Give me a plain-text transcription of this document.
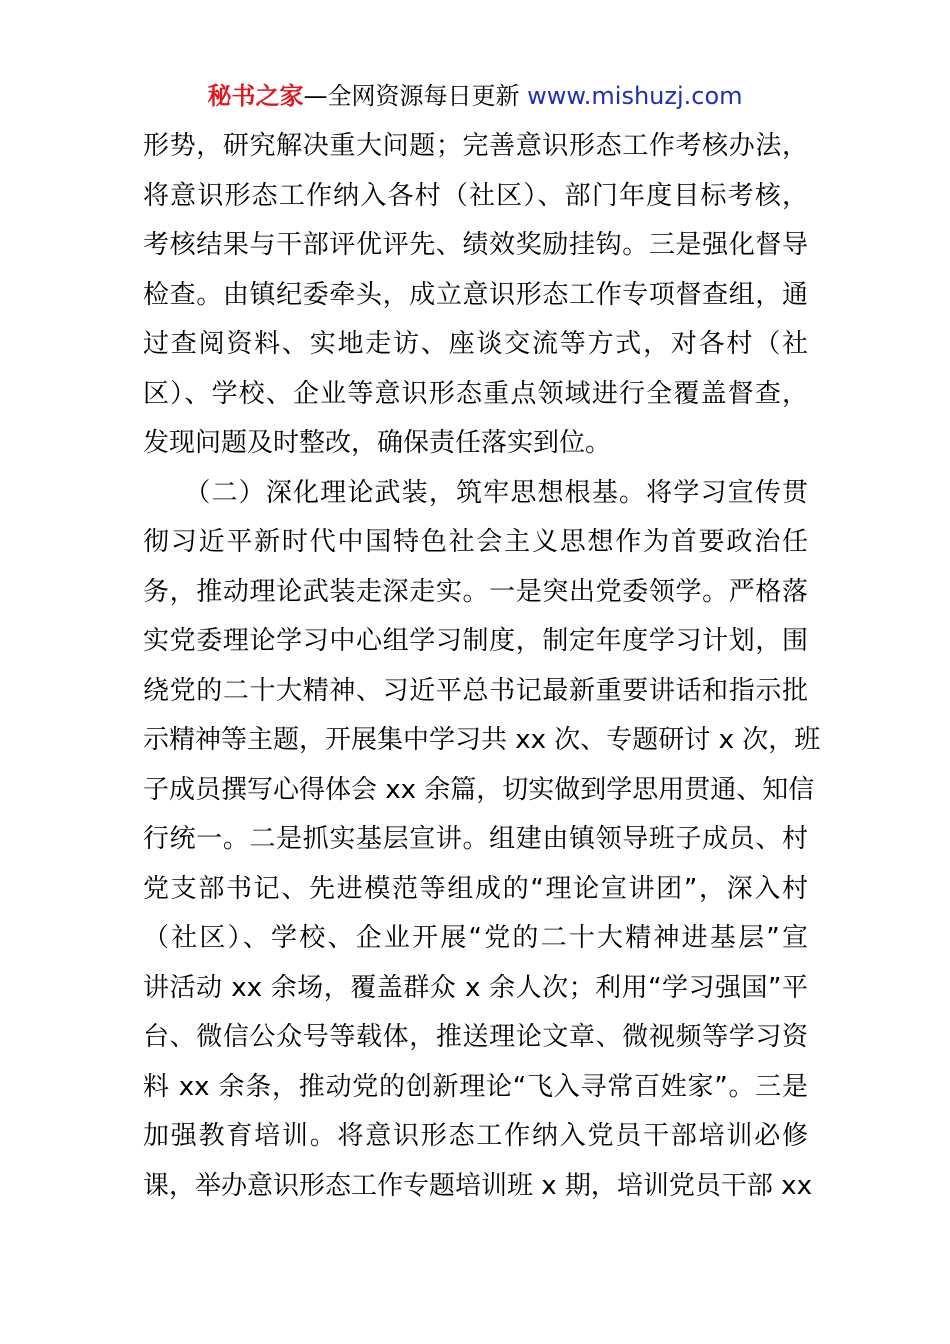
秘书之家—全网资源每日更新 www.mishuzj.com
形势，研究解决重大问题；完善意识形态工作考核办法，
将意识形态工作纳入各村（社区）、部门年度目标考核，
考核结果与干部评优评先、绩效奖励挂钩。三是强化督导
检查。由镇纪委牵头，成立意识形态工作专项督查组，通
过查阅资料、实地走访、座谈交流等方式，对各村（社
区）、学校、企业等意识形态重点领域进行全覆盖督查，
发现问题及时整改，确保责任落实到位。
　　（二）深化理论武装，筑牢思想根基。将学习宣传贯
彻习近平新时代中国特色社会主义思想作为首要政治任
务，推动理论武装走深走实。一是突出党委领学。严格落
实党委理论学习中心组学习制度，制定年度学习计划，围
绕党的二十大精神、习近平总书记最新重要讲话和指示批
示精神等主题，开展集中学习共 xx 次、专题研讨 x 次，班
子成员撰写心得体会 xx 余篇，切实做到学思用贯通、知信
行统一。二是抓实基层宣讲。组建由镇领导班子成员、村
党支部书记、先进模范等组成的“理论宣讲团”，深入村
（社区）、学校、企业开展“党的二十大精神进基层”宣
讲活动 xx 余场，覆盖群众 x 余人次；利用“学习强国”平
台、微信公众号等载体，推送理论文章、微视频等学习资
料 xx 余条，推动党的创新理论“飞入寻常百姓家”。三是
加强教育培训。将意识形态工作纳入党员干部培训必修
课，举办意识形态工作专题培训班 x 期，培训党员干部 xx
